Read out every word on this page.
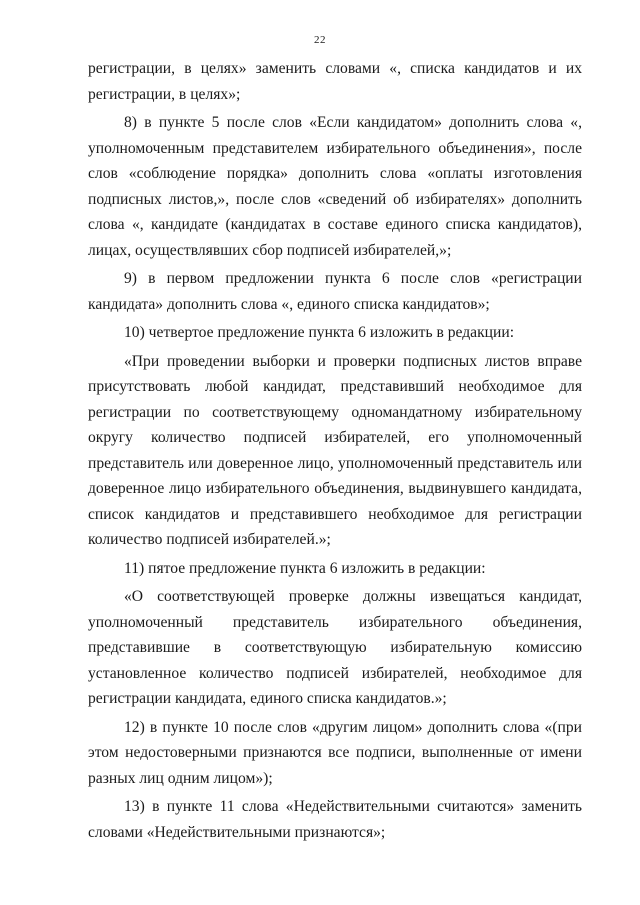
22

регистрации, в целях» заменить словами «, списка кандидатов и их регистрации, в целях»;

8) в пункте 5 после слов «Если кандидатом» дополнить слова «, уполномоченным представителем избирательного объединения», после слов «соблюдение порядка» дополнить слова «оплаты изготовления подписных листов,», после слов «сведений об избирателях» дополнить слова «, кандидате (кандидатах в составе единого списка кандидатов), лицах, осуществлявших сбор подписей избирателей,»;

9) в первом предложении пункта 6 после слов «регистрации кандидата» дополнить слова «, единого списка кандидатов»;

10) четвертое предложение пункта 6 изложить в редакции:

«При проведении выборки и проверки подписных листов вправе присутствовать любой кандидат, представивший необходимое для регистрации по соответствующему одномандатному избирательному округу количество подписей избирателей, его уполномоченный представитель или доверенное лицо, уполномоченный представитель или доверенное лицо избирательного объединения, выдвинувшего кандидата, список кандидатов и представившего необходимое для регистрации количество подписей избирателей.»;

11) пятое предложение пункта 6 изложить в редакции:

«О соответствующей проверке должны извещаться кандидат, уполномоченный представитель избирательного объединения, представившие в соответствующую избирательную комиссию установленное количество подписей избирателей, необходимое для регистрации кандидата, единого списка кандидатов.»;

12) в пункте 10 после слов «другим лицом» дополнить слова «(при этом недостоверными признаются все подписи, выполненные от имени разных лиц одним лицом»);

13) в пункте 11 слова «Недействительными считаются» заменить словами «Недействительными признаются»;
